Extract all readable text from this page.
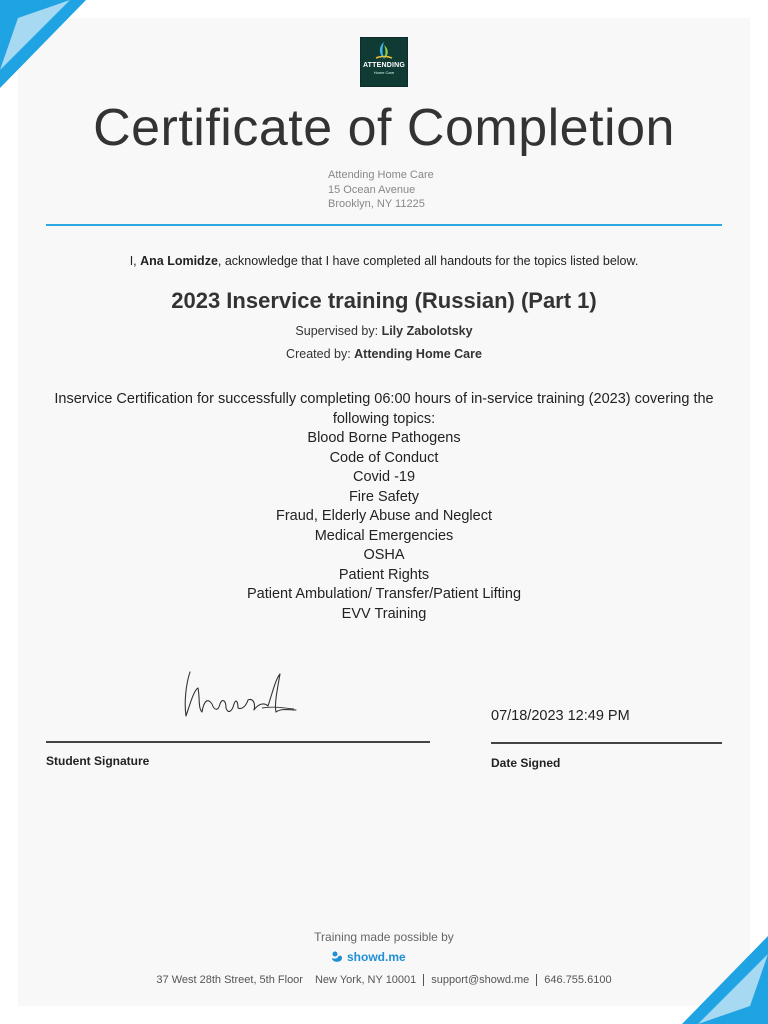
ATTENDING
Home Care
Certificate of Completion
Attending Home Care
15 Ocean Avenue
Brooklyn, NY 11225
I, Ana Lomidze, acknowledge that I have completed all handouts for the topics listed below.
2023 Inservice training (Russian) (Part 1)
Supervised by: Lily Zabolotsky
Created by: Attending Home Care
Inservice Certification for successfully completing 06:00 hours of in-service training (2023) covering the following topics:
Blood Borne Pathogens
Code of Conduct
Covid -19
Fire Safety
Fraud, Elderly Abuse and Neglect
Medical Emergencies
OSHA
Patient Rights
Patient Ambulation/ Transfer/Patient Lifting
EVV Training
Student Signature
07/18/2023 12:49 PM
Date Signed
Training made possible by
showd.me
37 West 28th Street, 5th Floor New York, NY 10001 support@showd.me 646.755.6100
